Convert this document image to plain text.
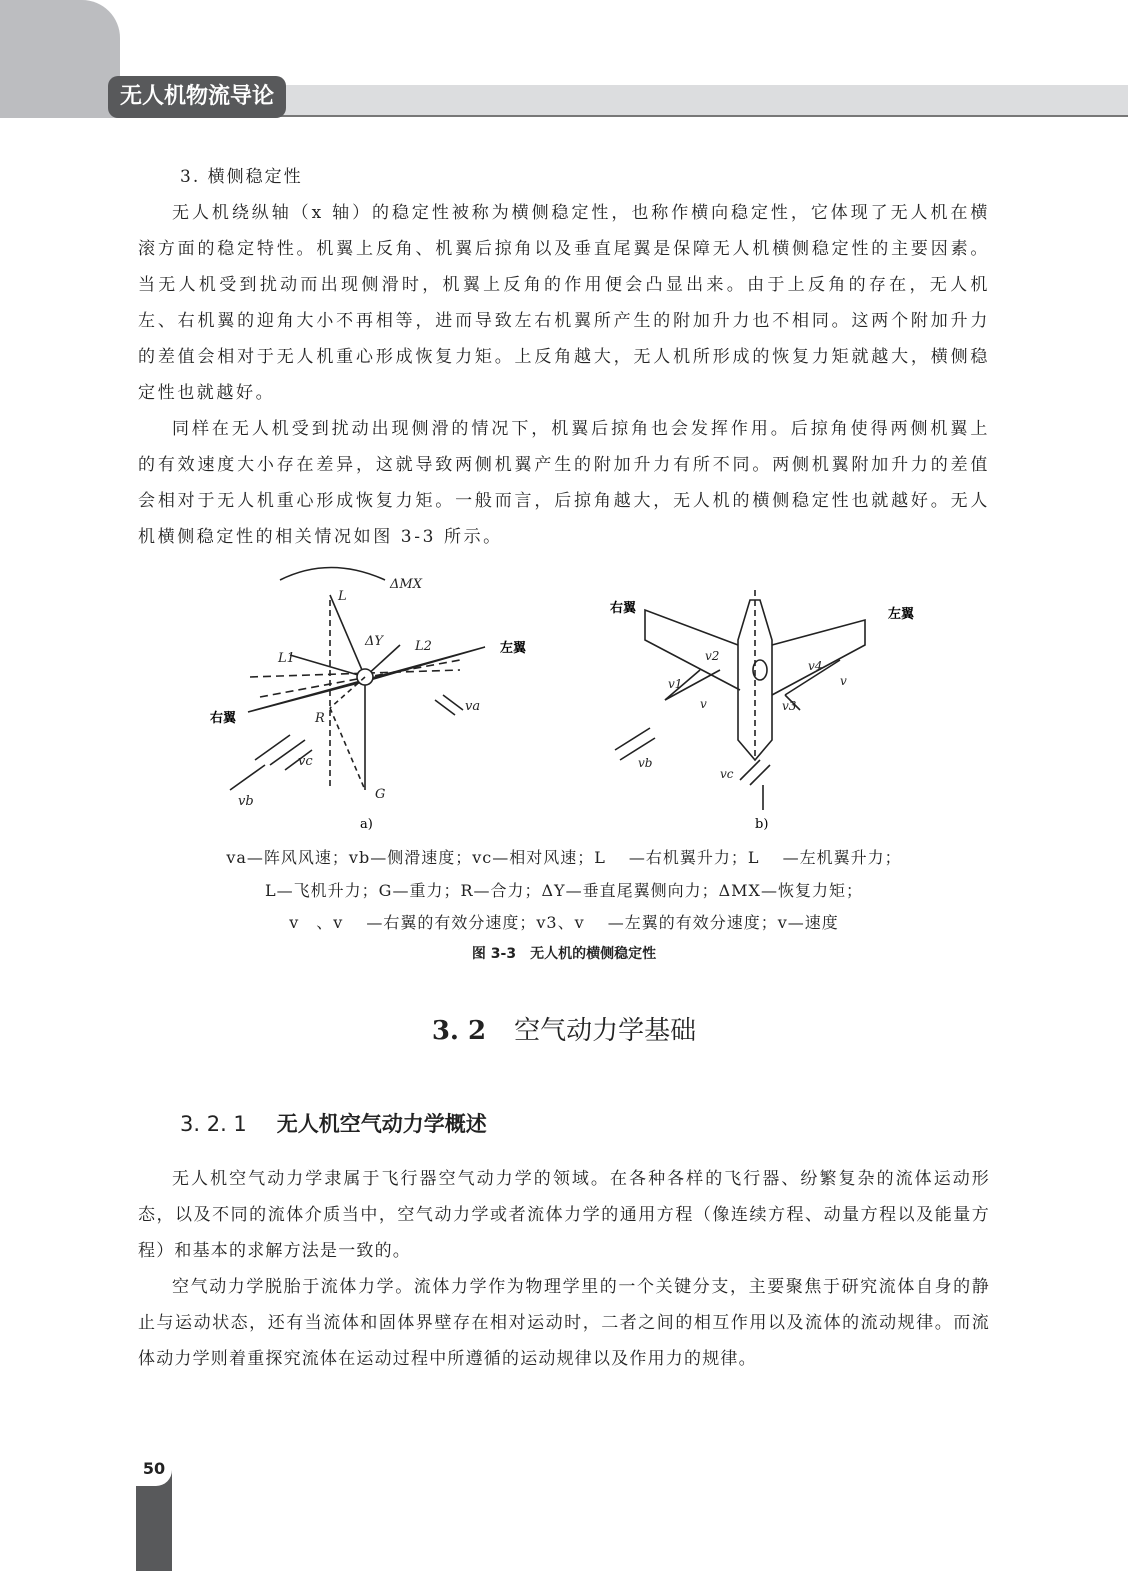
无人机物流导论
3. 横侧稳定性

无人机绕纵轴（x 轴）的稳定性被称为横侧稳定性，也称作横向稳定性，它体现了无人机在横滚方面的稳定特性。机翼上反角、机翼后掠角以及垂直尾翼是保障无人机横侧稳定性的主要因素。当无人机受到扰动而出现侧滑时，机翼上反角的作用便会凸显出来。由于上反角的存在，无人机左、右机翼的迎角大小不再相等，进而导致左右机翼所产生的附加升力也不相同。这两个附加升力的差值会相对于无人机重心形成恢复力矩。上反角越大，无人机所形成的恢复力矩就越大，横侧稳定性也就越好。

同样在无人机受到扰动出现侧滑的情况下，机翼后掠角也会发挥作用。后掠角使得两侧机翼上的有效速度大小存在差异，这就导致两侧机翼产生的附加升力有所不同。两侧机翼附加升力的差值会相对于无人机重心形成恢复力矩。一般而言，后掠角越大，无人机的横侧稳定性也就越好。无人机横侧稳定性的相关情况如图 3-3 所示。

ΔMX
L
L1
L2
ΔY
R
G
va
vb
vc
左翼
右翼
a)
v2
v1
v
v4
v3
v
vb
vc
右翼	左翼
b)
va—阵风风速；vb—侧滑速度；vc—相对风速；L　 —右机翼升力；L　 —左机翼升力；
L—飞机升力；G—重力；R—合力；ΔY—垂直尾翼侧向力；ΔMX—恢复力矩；
v　、v　 —右翼的有效分速度；v3、v　 —左翼的有效分速度；v—速度
图 3-3　无人机的横侧稳定性
3. 2 空气动力学基础
3. 2. 1 无人机空气动力学概述

无人机空气动力学隶属于飞行器空气动力学的领域。在各种各样的飞行器、纷繁复杂的流体运动形态，以及不同的流体介质当中，空气动力学或者流体力学的通用方程（像连续方程、动量方程以及能量方程）和基本的求解方法是一致的。

空气动力学脱胎于流体力学。流体力学作为物理学里的一个关键分支，主要聚焦于研究流体自身的静止与运动状态，还有当流体和固体界壁存在相对运动时，二者之间的相互作用以及流体的流动规律。而流体动力学则着重探究流体在运动过程中所遵循的运动规律以及作用力的规律。

50
